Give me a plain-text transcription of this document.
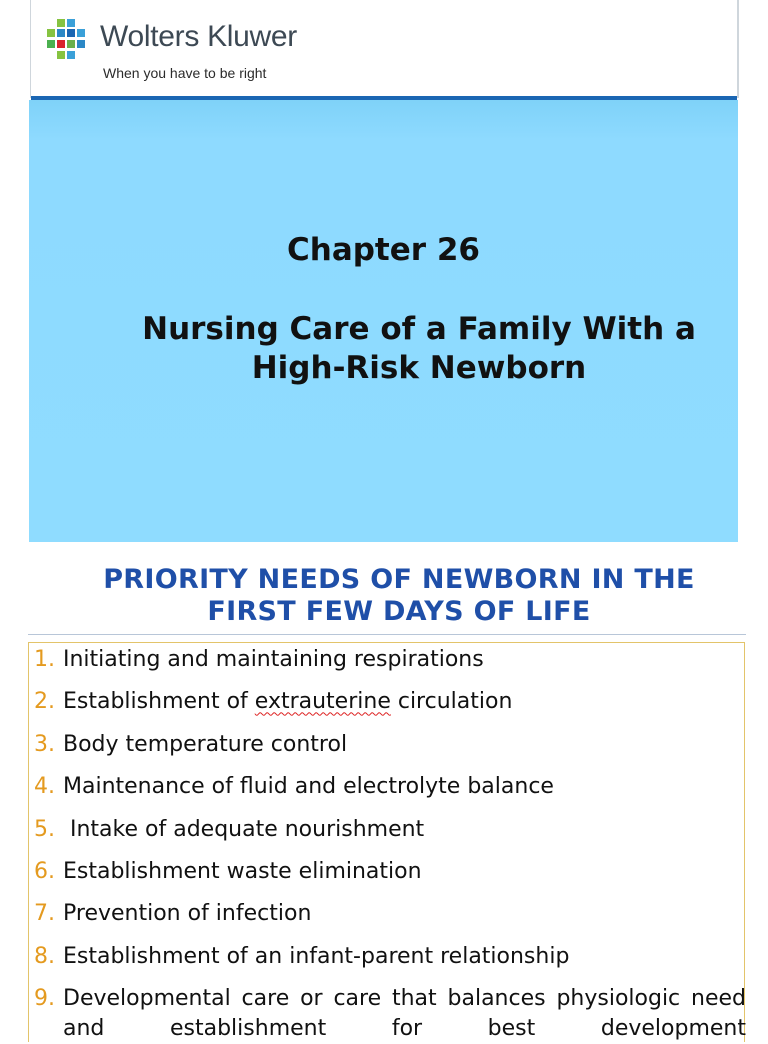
Wolters Kluwer
When you have to be right
Chapter 26
Nursing Care of a Family With a
High-Risk Newborn
PRIORITY NEEDS OF NEWBORN IN THE
FIRST FEW DAYS OF LIFE
1. Initiating and maintaining respirations
2. Establishment of extrauterine circulation
3. Body temperature control
4. Maintenance of fluid and electrolyte balance
5. Intake of adequate nourishment
6. Establishment waste elimination
7. Prevention of infection
8. Establishment of an infant-parent relationship
9. Developmental care or care that balances physiologic need and establishment for best development
